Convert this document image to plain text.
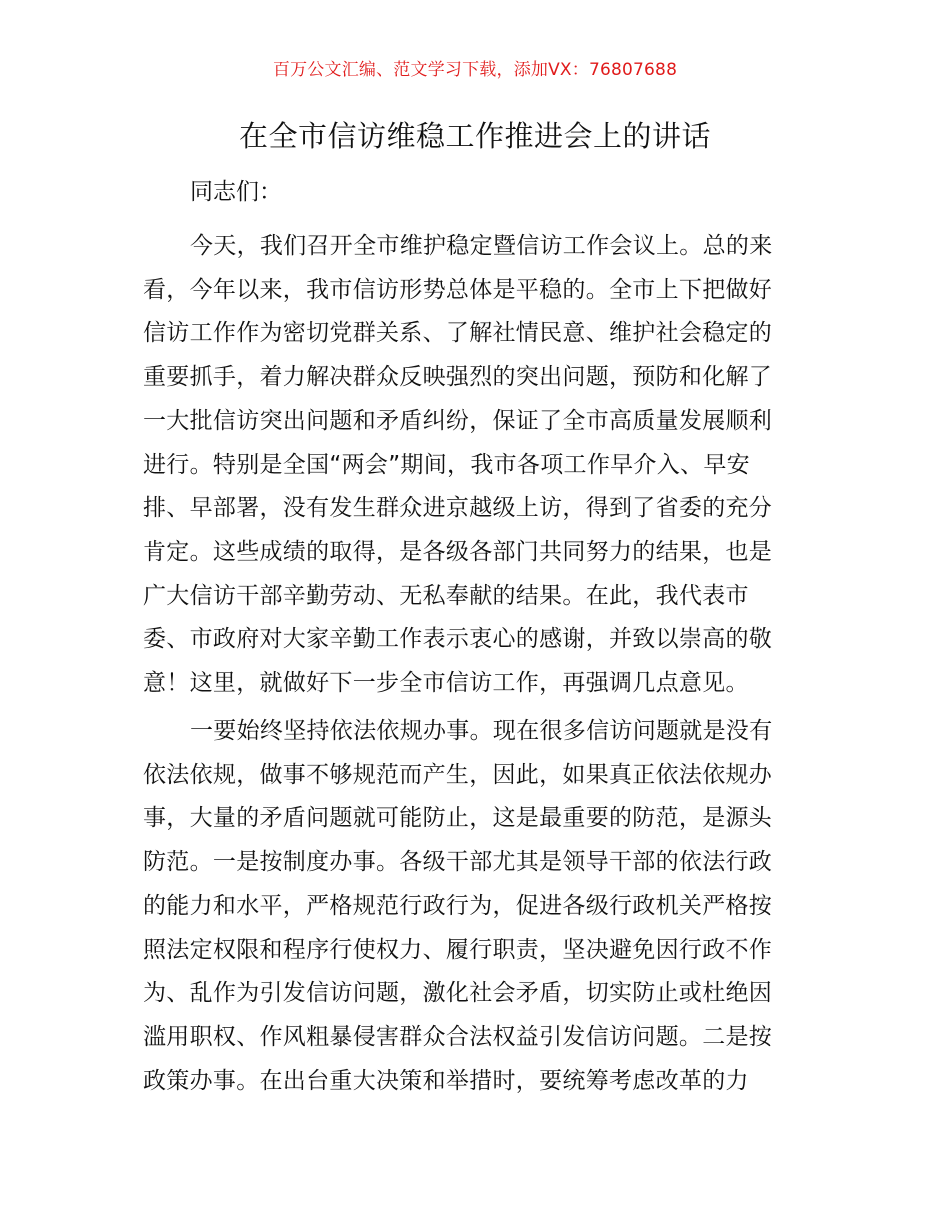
百万公文汇编、范文学习下载，添加VX：76807688
在全市信访维稳工作推进会上的讲话
同志们：
今天，我们召开全市维护稳定暨信访工作会议上。总的来
看，今年以来，我市信访形势总体是平稳的。全市上下把做好
信访工作作为密切党群关系、了解社情民意、维护社会稳定的
重要抓手，着力解决群众反映强烈的突出问题，预防和化解了
一大批信访突出问题和矛盾纠纷，保证了全市高质量发展顺利
进行。特别是全国“两会”期间，我市各项工作早介入、早安
排、早部署，没有发生群众进京越级上访，得到了省委的充分
肯定。这些成绩的取得，是各级各部门共同努力的结果，也是
广大信访干部辛勤劳动、无私奉献的结果。在此，我代表市
委、市政府对大家辛勤工作表示衷心的感谢，并致以崇高的敬
意！这里，就做好下一步全市信访工作，再强调几点意见。
一要始终坚持依法依规办事。现在很多信访问题就是没有
依法依规，做事不够规范而产生，因此，如果真正依法依规办
事，大量的矛盾问题就可能防止，这是最重要的防范，是源头
防范。一是按制度办事。各级干部尤其是领导干部的依法行政
的能力和水平，严格规范行政行为，促进各级行政机关严格按
照法定权限和程序行使权力、履行职责，坚决避免因行政不作
为、乱作为引发信访问题，激化社会矛盾，切实防止或杜绝因
滥用职权、作风粗暴侵害群众合法权益引发信访问题。二是按
政策办事。在出台重大决策和举措时，要统筹考虑改革的力
